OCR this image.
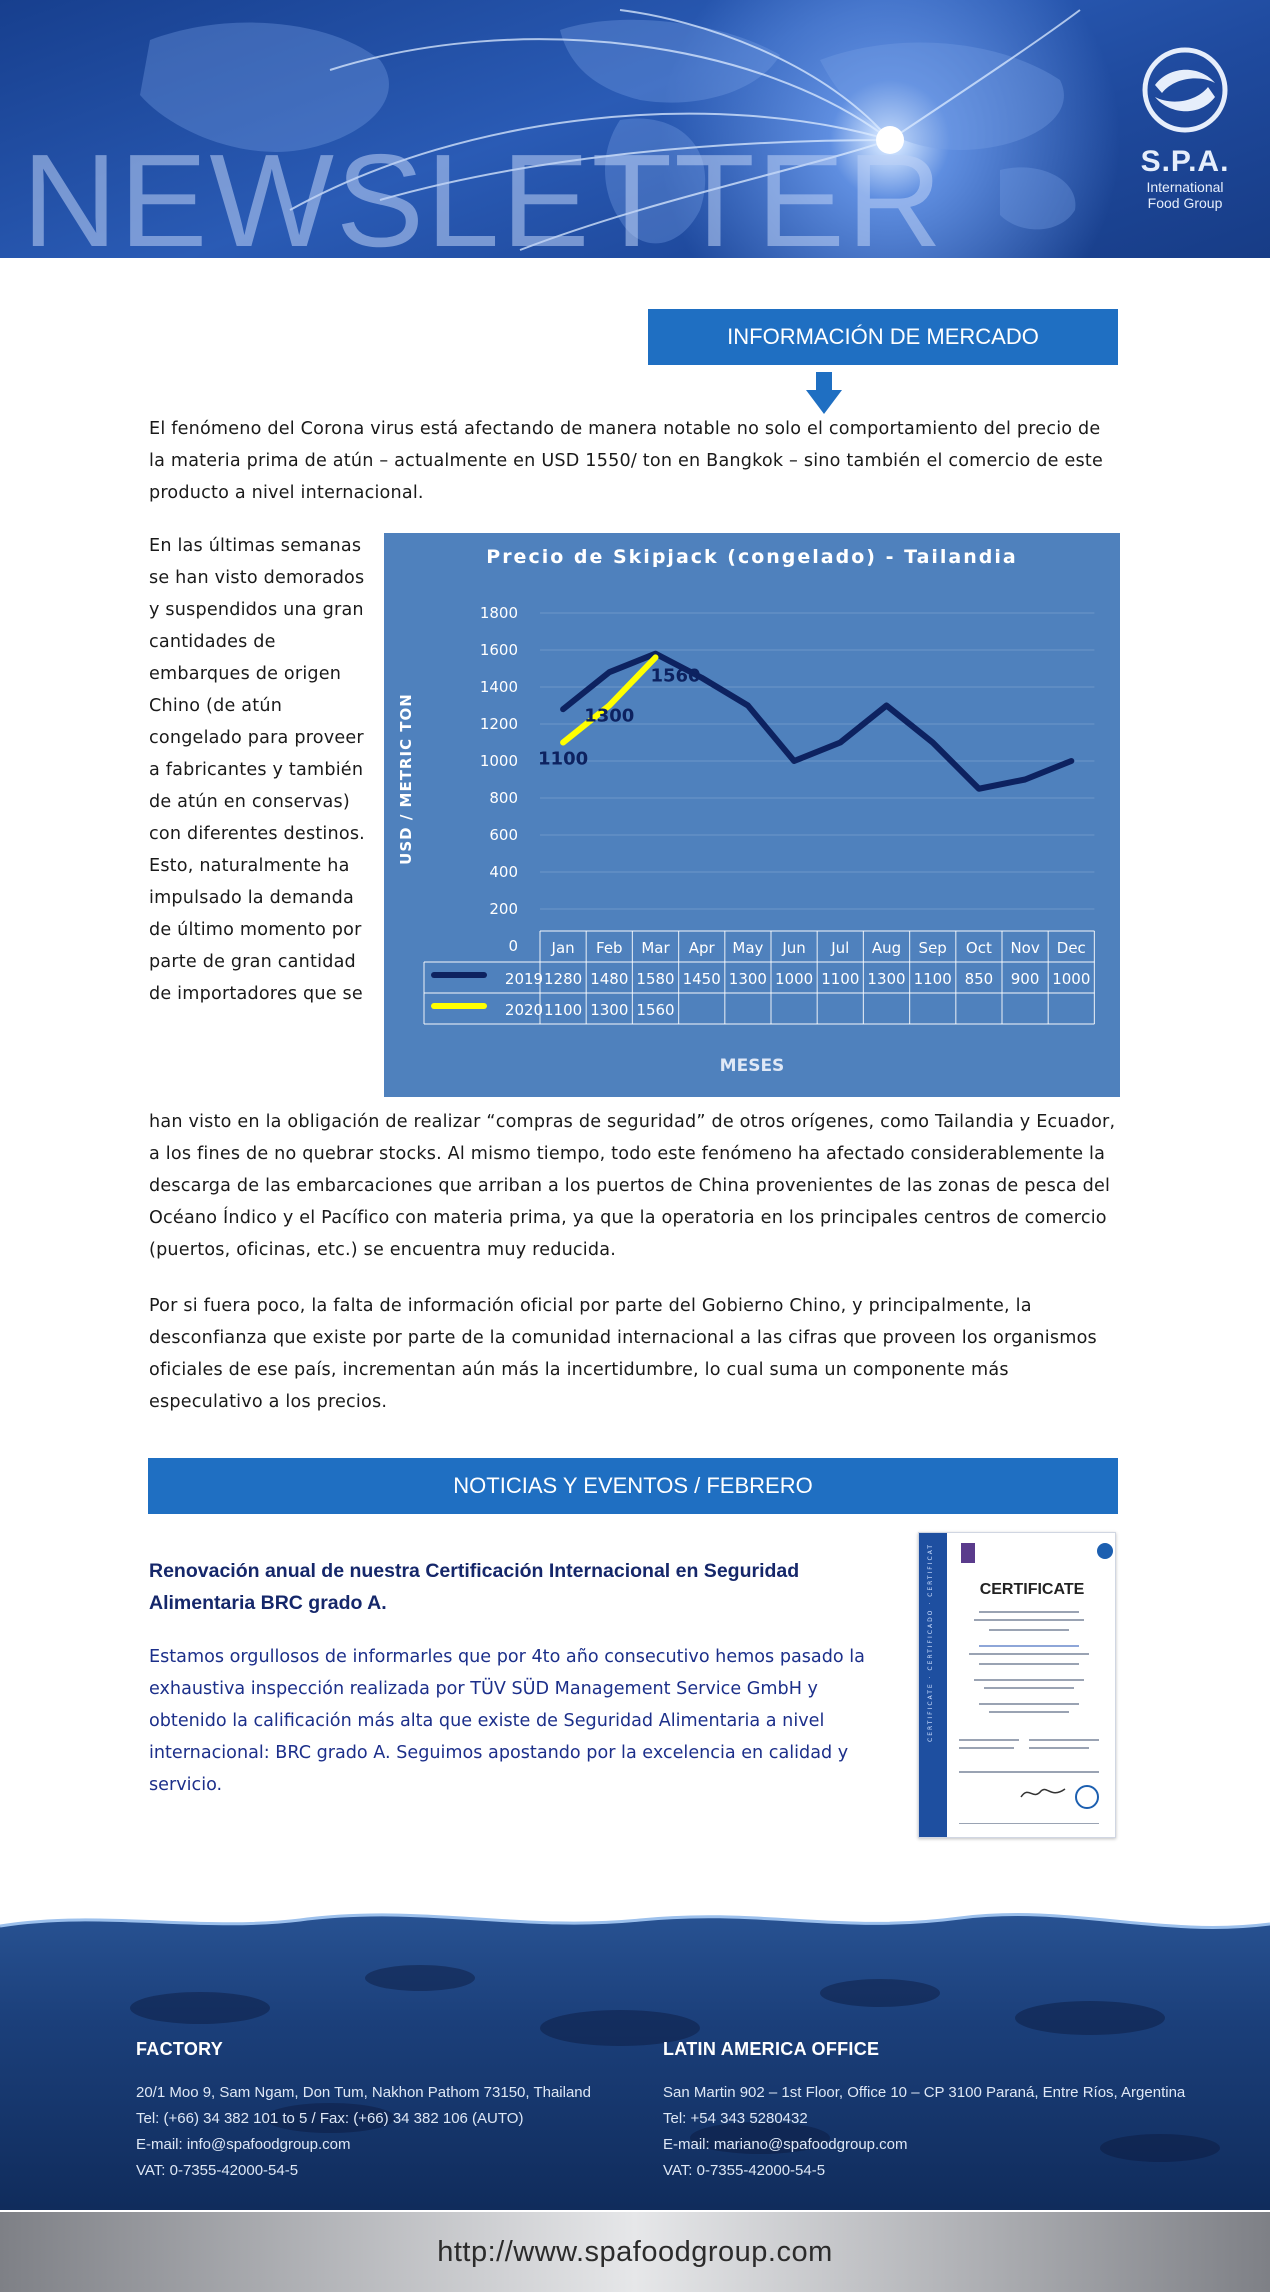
NEWSLETTER	S.P.A.
International
Food Group
INFORMACIÓN DE MERCADO
El fenómeno del Corona virus está afectando de manera notable no solo el comportamiento del precio de la materia prima de atún – actualmente en USD 1550/ ton en Bangkok – sino también el comercio de este producto a nivel internacional.
En las últimas semanas se han visto demorados y suspendidos una gran cantidades de embarques de origen Chino (de atún congelado para proveer a fabricantes y también de atún en conservas) con diferentes destinos. Esto, naturalmente ha impulsado la demanda de último momento por parte de gran cantidad de importadores que se
Precio de Skipjack (congelado) - Tailandia
USD / METRIC TON
0
200
400
600
800
1000
1200
1400
1600
1800
Jan Feb Mar Apr May Jun Jul Aug Sep Oct Nov Dec
2019 1280 1480 1580 1450 1300 1000 1100 1300 1100 850 900 1000
2020 1100 1300 1560
1100
1300
1560
MESES
han visto en la obligación de realizar “compras de seguridad” de otros orígenes, como Tailandia y Ecuador, a los fines de no quebrar stocks. Al mismo tiempo, todo este fenómeno ha afectado considerablemente la descarga de las embarcaciones que arriban a los puertos de China provenientes de las zonas de pesca del Océano Índico y el Pacífico con materia prima, ya que la operatoria en los principales centros de comercio (puertos, oficinas, etc.) se encuentra muy reducida.
Por si fuera poco, la falta de información oficial por parte del Gobierno Chino, y principalmente, la desconfianza que existe por parte de la comunidad internacional a las cifras que proveen los organismos oficiales de ese país, incrementan aún más la incertidumbre, lo cual suma un componente más especulativo a los precios.
NOTICIAS Y EVENTOS / FEBRERO
Renovación anual de nuestra Certificación Internacional en Seguridad Alimentaria BRC grado A.
Estamos orgullosos de informarles que por 4to año consecutivo hemos pasado la exhaustiva inspección realizada por TÜV SÜD Management Service GmbH y obtenido la calificación más alta que existe de Seguridad Alimentaria a nivel internacional: BRC grado A. Seguimos apostando por la excelencia en calidad y servicio.
CERTIFICATE · CERTIFICADO · CERTIFICAT	CERTIFICATE
FACTORY
20/1 Moo 9, Sam Ngam, Don Tum, Nakhon Pathom 73150, Thailand
Tel: (+66) 34 382 101 to 5 / Fax: (+66) 34 382 106 (AUTO)
E-mail: info@spafoodgroup.com
VAT: 0-7355-42000-54-5
LATIN AMERICA OFFICE
San Martin 902 – 1st Floor, Office 10 – CP 3100 Paraná, Entre Ríos, Argentina
Tel: +54 343 5280432
E-mail: mariano@spafoodgroup.com
VAT: 0-7355-42000-54-5
http://www.spafoodgroup.com
